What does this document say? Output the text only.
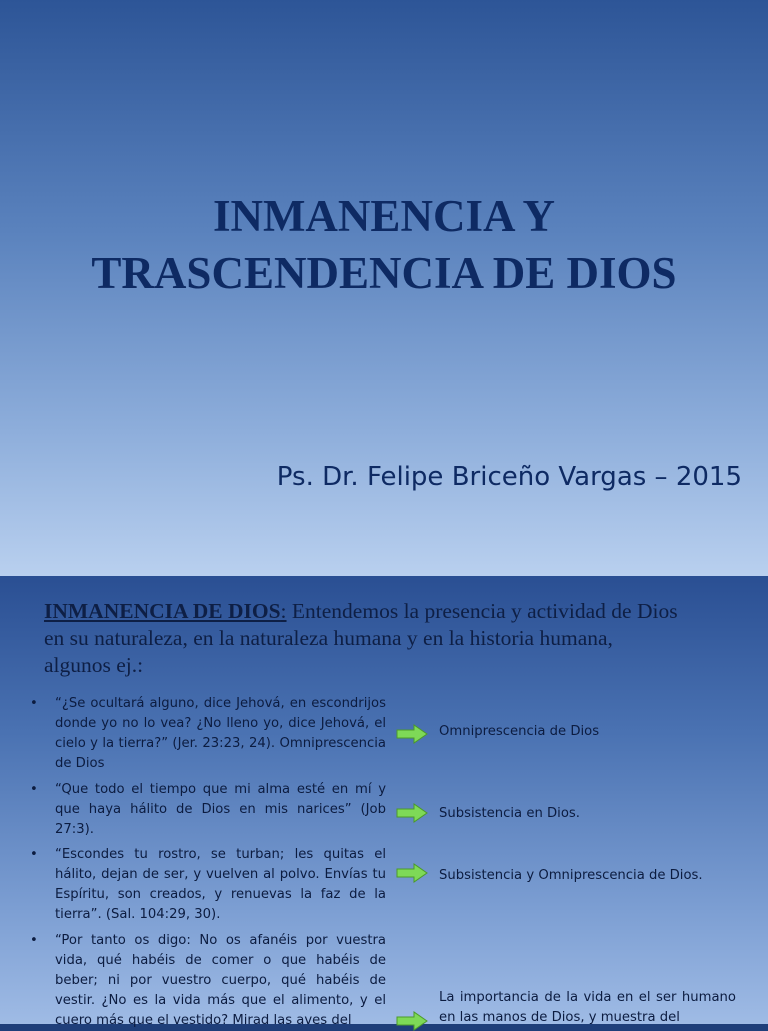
INMANENCIA Y
TRASCENDENCIA DE DIOS
Ps. Dr. Felipe Briceño Vargas – 2015
INMANENCIA DE DIOS: Entendemos la presencia y actividad de Dios
en su naturaleza, en la naturaleza humana y en la historia humana,
algunos ej.:
• “¿Se ocultará alguno, dice Jehová, en escondrijos donde yo no lo vea? ¿No lleno yo, dice Jehová, el cielo y la tierra?” (Jer. 23:23, 24). Omniprescencia de Dios
• “Que todo el tiempo que mi alma esté en mí y que haya hálito de Dios en mis narices” (Job 27:3).
• “Escondes tu rostro, se turban; les quitas el hálito, dejan de ser, y vuelven al polvo. Envías tu Espíritu, son creados, y renuevas la faz de la tierra”. (Sal. 104:29, 30).
• “Por tanto os digo: No os afanéis por vuestra vida, qué habéis de comer o que habéis de beber; ni por vuestro cuerpo, qué habéis de vestir. ¿No es la vida más que el alimento, y el cuero más que el vestido? Mirad las aves del
Omniprescencia de Dios
Subsistencia en Dios.
Subsistencia y Omniprescencia de Dios.
La importancia de la vida en el ser humano en las manos de Dios, y muestra del
